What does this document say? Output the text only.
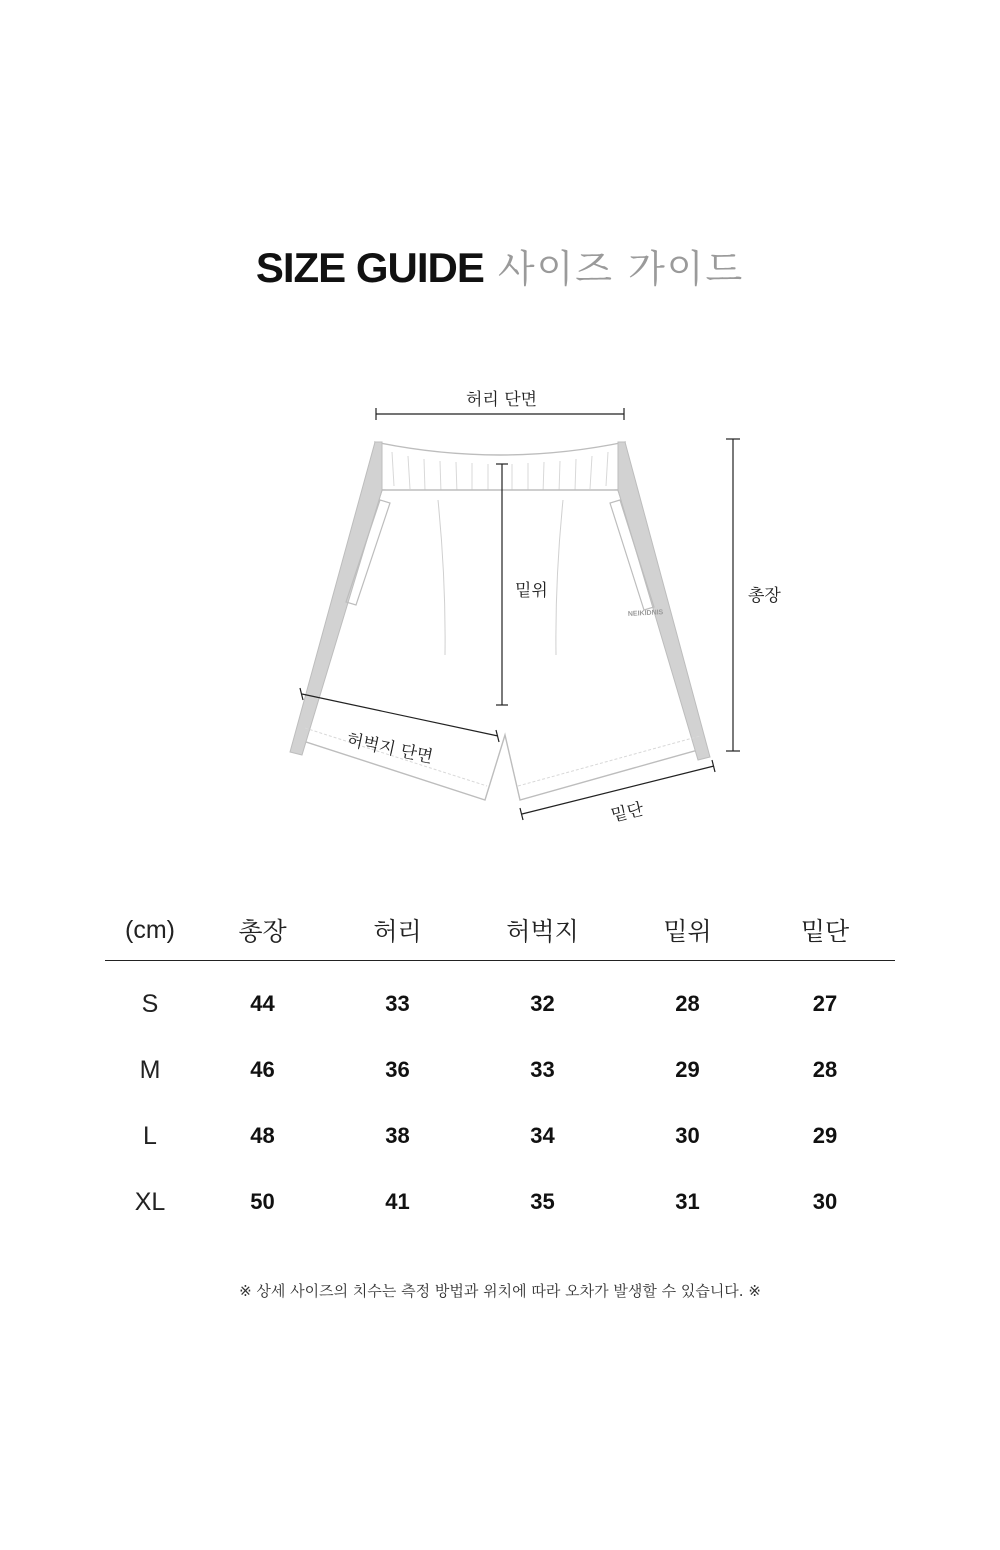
SIZE GUIDE 사이즈 가이드
NEIKIDNIS
허리 단면
총장
밑위
허벅지 단면
밑단
(cm)	총장	허리	허벅지	밑위	밑단
S	44	33	32	28	27
M	46	36	33	29	28
L	48	38	34	30	29
XL	50	41	35	31	30
※ 상세 사이즈의 치수는 측정 방법과 위치에 따라 오차가 발생할 수 있습니다. ※
